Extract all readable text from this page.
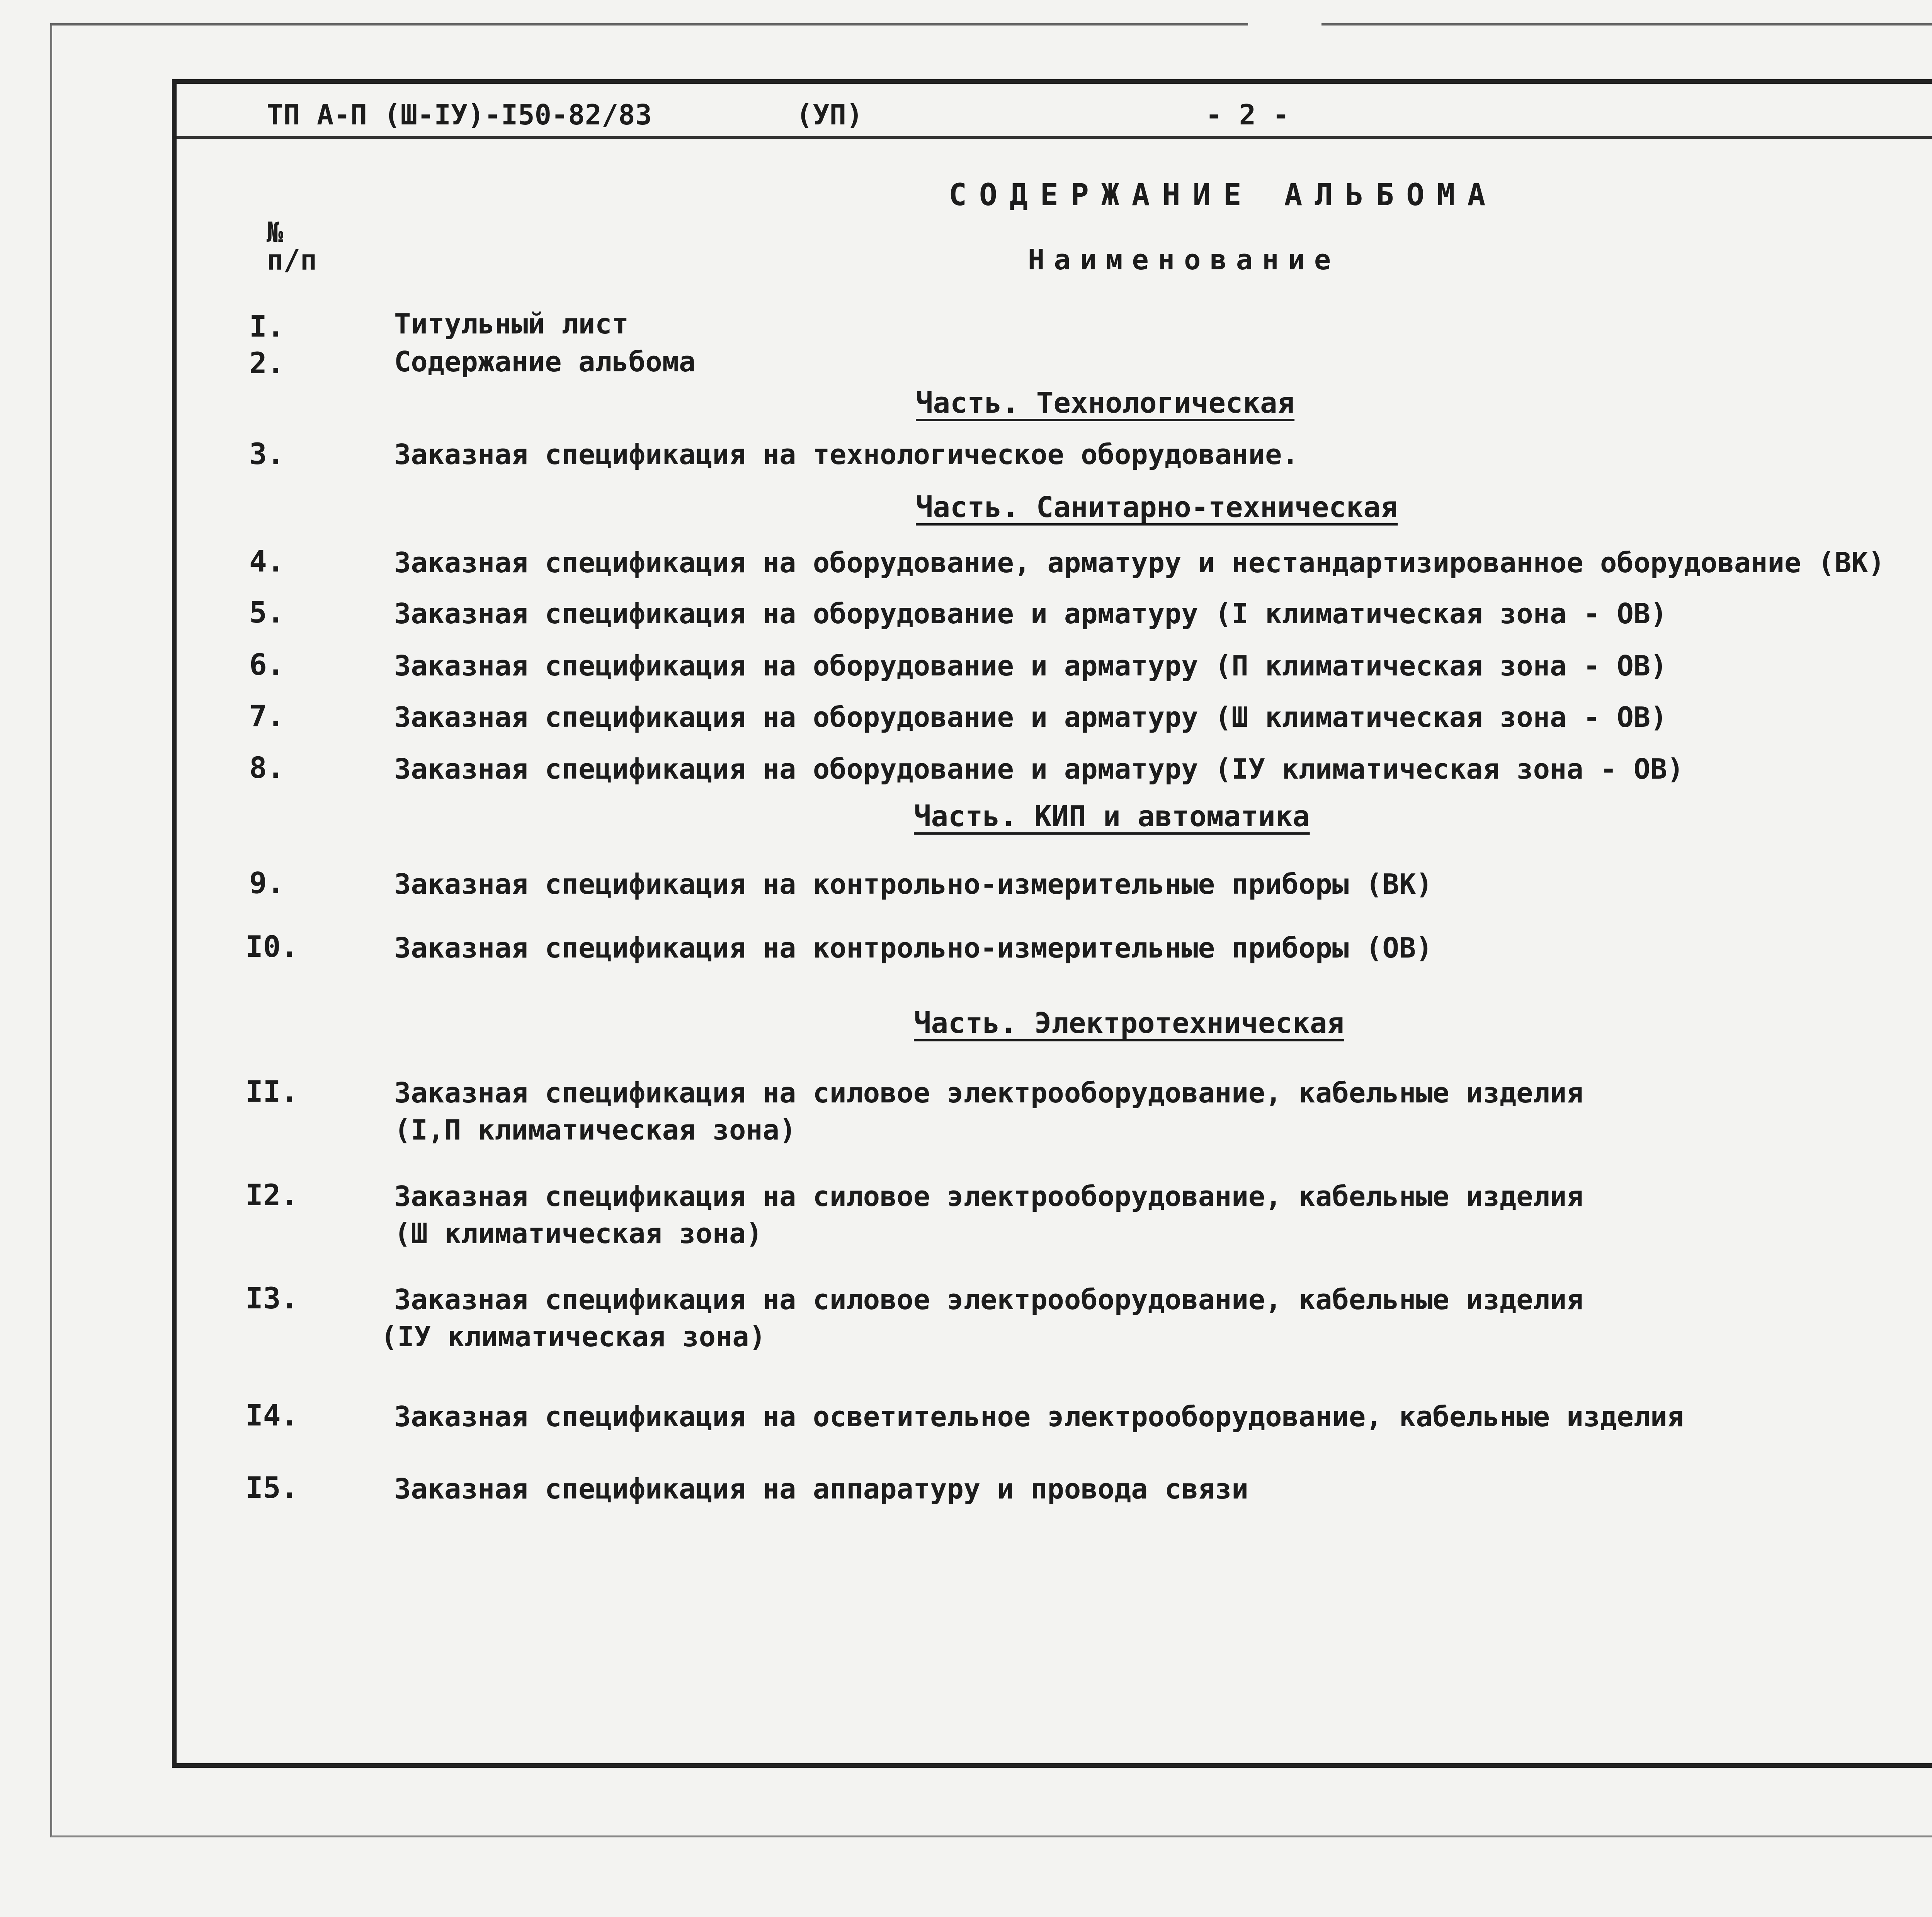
ТП А-П (Ш-IУ)-I50-82/83	(УП)	- 2 -
СОДЕРЖАНИЕ АЛЬБОМА
№
п/п	Наименование
I.	Титульный лист
2.	Содержание альбома
Часть. Технологическая
3.	Заказная спецификация на технологическое оборудование.
Часть. Санитарно-техническая
4.	Заказная спецификация на оборудование, арматуру и нестандартизированное оборудование (ВК)
5.	Заказная спецификация на оборудование и арматуру (I климатическая зона - ОВ)
6.	Заказная спецификация на оборудование и арматуру (П климатическая зона - ОВ)
7.	Заказная спецификация на оборудование и арматуру (Ш климатическая зона - ОВ)
8.	Заказная спецификация на оборудование и арматуру (IУ климатическая зона - ОВ)
Часть. КИП и автоматика
9.	Заказная спецификация на контрольно-измерительные приборы (ВК)
I0.	Заказная спецификация на контрольно-измерительные приборы (ОВ)
Часть. Электротехническая
II.	Заказная спецификация на силовое электрооборудование, кабельные изделия
(I,П климатическая зона)
I2.	Заказная спецификация на силовое электрооборудование, кабельные изделия
(Ш климатическая зона)
I3.	Заказная спецификация на силовое электрооборудование, кабельные изделия
(IУ климатическая зона)
I4.	Заказная спецификация на осветительное электрооборудование, кабельные изделия
I5.	Заказная спецификация на аппаратуру и провода связи
